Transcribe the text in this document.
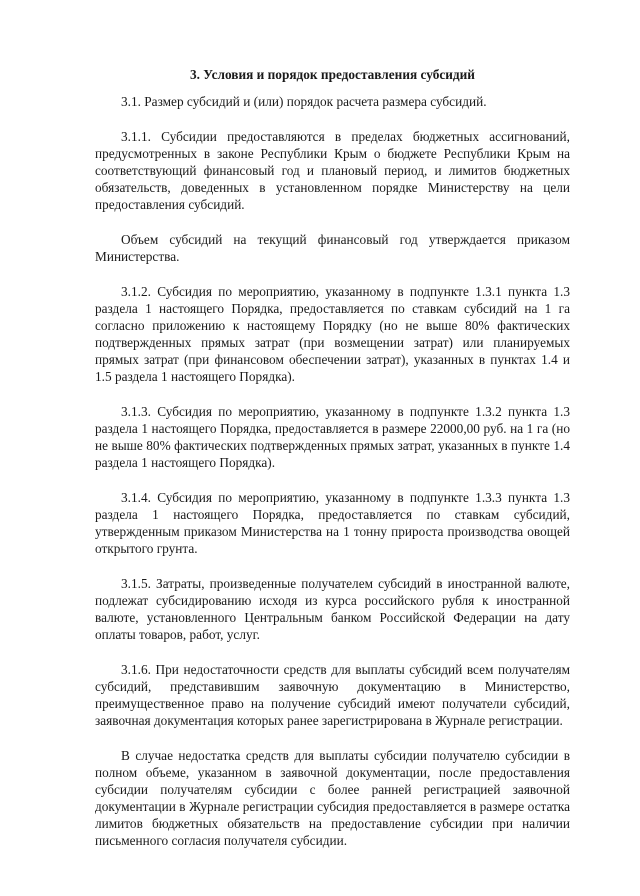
3. Условия и порядок предоставления субсидий

3.1. Размер субсидий и (или) порядок расчета размера субсидий.

3.1.1. Субсидии предоставляются в пределах бюджетных ассигнований, предусмотренных в законе Республики Крым о бюджете Республики Крым на соответствующий финансовый год и плановый период, и лимитов бюджетных обязательств, доведенных в установленном порядке Министерству на цели предоставления субсидий.

Объем субсидий на текущий финансовый год утверждается приказом Министерства.

3.1.2. Субсидия по мероприятию, указанному в подпункте 1.3.1 пункта 1.3 раздела 1 настоящего Порядка, предоставляется по ставкам субсидий на 1 га согласно приложению к настоящему Порядку (но не выше 80% фактических подтвержденных прямых затрат (при возмещении затрат) или планируемых прямых затрат (при финансовом обеспечении затрат), указанных в пунктах 1.4 и 1.5 раздела 1 настоящего Порядка).

3.1.3. Субсидия по мероприятию, указанному в подпункте 1.3.2 пункта 1.3 раздела 1 настоящего Порядка, предоставляется в размере 22000,00 руб. на 1 га (но не выше 80% фактических подтвержденных прямых затрат, указанных в пункте 1.4 раздела 1 настоящего Порядка).

3.1.4. Субсидия по мероприятию, указанному в подпункте 1.3.3 пункта 1.3 раздела 1 настоящего Порядка, предоставляется по ставкам субсидий, утвержденным приказом Министерства на 1 тонну прироста производства овощей открытого грунта.

3.1.5. Затраты, произведенные получателем субсидий в иностранной валюте, подлежат субсидированию исходя из курса российского рубля к иностранной валюте, установленного Центральным банком Российской Федерации на дату оплаты товаров, работ, услуг.

3.1.6. При недостаточности средств для выплаты субсидий всем получателям субсидий, представившим заявочную документацию в Министерство, преимущественное право на получение субсидий имеют получатели субсидий, заявочная документация которых ранее зарегистрирована в Журнале регистрации.

В случае недостатка средств для выплаты субсидии получателю субсидии в полном объеме, указанном в заявочной документации, после предоставления субсидии получателям субсидии с более ранней регистрацией заявочной документации в Журнале регистрации субсидия предоставляется в размере остатка лимитов бюджетных обязательств на предоставление субсидии при наличии письменного согласия получателя субсидии.
